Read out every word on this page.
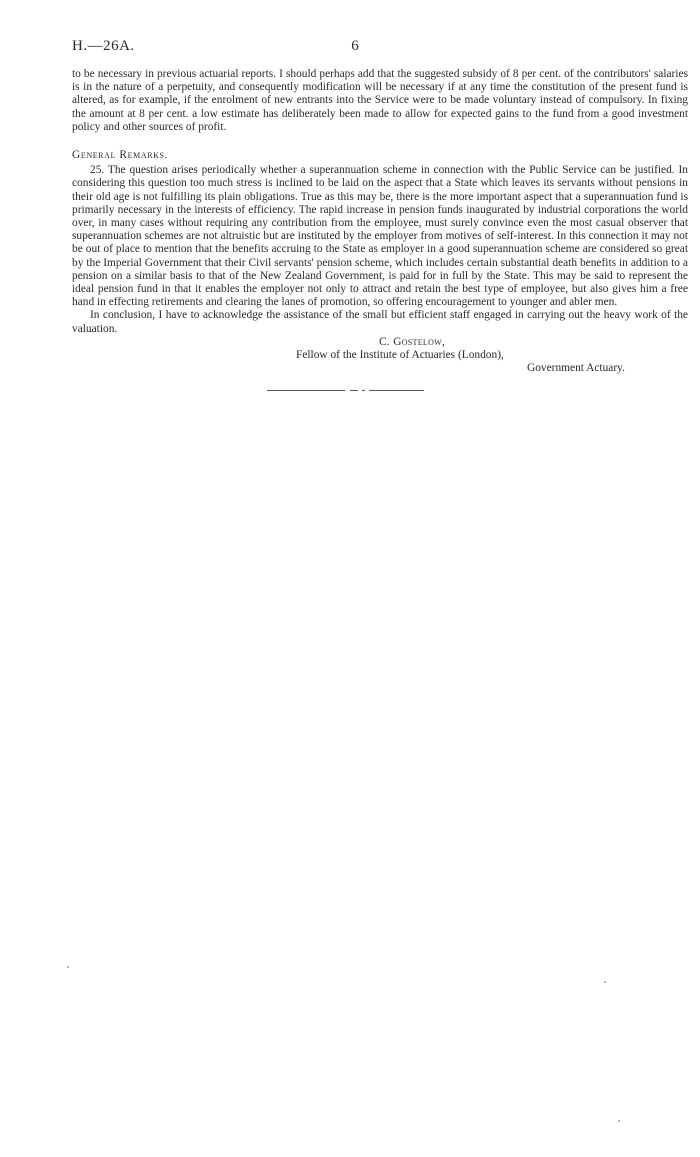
H.—26A.	6

to be necessary in previous actuarial reports. I should perhaps add that the suggested subsidy of 8 per cent. of the contributors' salaries is in the nature of a perpetuity, and consequently modification will be necessary if at any time the constitution of the present fund is altered, as for example, if the enrolment of new entrants into the Service were to be made voluntary instead of compulsory. In fixing the amount at 8 per cent. a low estimate has deliberately been made to allow for expected gains to the fund from a good investment policy and other sources of profit.

General Remarks.

25. The question arises periodically whether a superannuation scheme in connection with the Public Service can be justified. In considering this question too much stress is inclined to be laid on the aspect that a State which leaves its servants without pensions in their old age is not fulfilling its plain obligations. True as this may be, there is the more important aspect that a superannuation fund is primarily necessary in the interests of efficiency. The rapid increase in pension funds inaugurated by industrial corporations the world over, in many cases without requiring any contribution from the employee, must surely convince even the most casual observer that superannuation schemes are not altruistic but are instituted by the employer from motives of self-interest. In this connection it may not be out of place to mention that the benefits accruing to the State as employer in a good superannuation scheme are considered so great by the Imperial Government that their Civil servants' pension scheme, which includes certain substantial death benefits in addition to a pension on a similar basis to that of the New Zealand Government, is paid for in full by the State. This may be said to represent the ideal pension fund in that it enables the employer not only to attract and retain the best type of employee, but also gives him a free hand in effecting retirements and clearing the lanes of promotion, so offering encouragement to younger and abler men.

In conclusion, I have to acknowledge the assistance of the small but efficient staff engaged in carrying out the heavy work of the valuation.

C. Gostelow,

Fellow of the Institute of Actuaries (London),

Government Actuary.
